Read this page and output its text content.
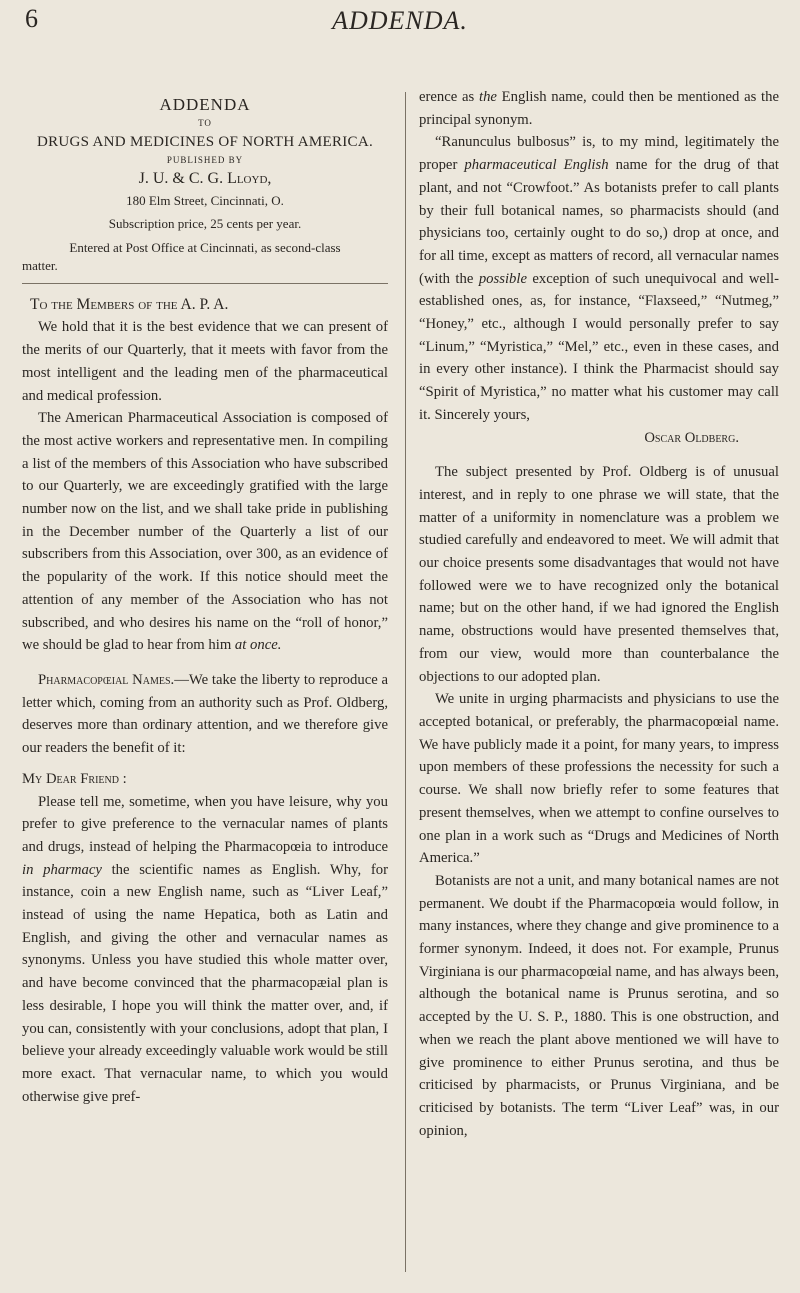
6	ADDENDA.
ADDENDA
TO
DRUGS AND MEDICINES OF NORTH AMERICA.
PUBLISHED BY
J. U. & C. G. Lloyd,
180 Elm Street, Cincinnati, O.
Subscription price, 25 cents per year.
Entered at Post Office at Cincinnati, as second-class
matter.

To the Members of the A. P. A.

We hold that it is the best evidence that we can present of the merits of our Quarterly, that it meets with favor from the most intelligent and the leading men of the pharmaceutical and medical profession.

The American Pharmaceutical Association is composed of the most active workers and representative men. In compiling a list of the members of this Association who have subscribed to our Quarterly, we are exceedingly gratified with the large number now on the list, and we shall take pride in publishing in the December number of the Quarterly a list of our subscribers from this Association, over 300, as an evidence of the popularity of the work. If this notice should meet the attention of any member of the Association who has not subscribed, and who desires his name on the “roll of honor,” we should be glad to hear from him at once.

Pharmacopœial Names.—We take the liberty to reproduce a letter which, coming from an authority such as Prof. Oldberg, deserves more than ordinary attention, and we therefore give our readers the benefit of it:

My Dear Friend :

Please tell me, sometime, when you have leisure, why you prefer to give preference to the vernacular names of plants and drugs, instead of helping the Pharmacopœia to introduce in pharmacy the scientific names as English. Why, for instance, coin a new English name, such as “Liver Leaf,” instead of using the name Hepatica, both as Latin and English, and giving the other and vernacular names as synonyms. Unless you have studied this whole matter over, and have become convinced that the pharmacopæial plan is less desirable, I hope you will think the matter over, and, if you can, consistently with your conclusions, adopt that plan, I believe your already exceedingly valuable work would be still more exact. That vernacular name, to which you would otherwise give pref-

erence as the English name, could then be mentioned as the principal synonym.

“Ranunculus bulbosus” is, to my mind, legitimately the proper pharmaceutical English name for the drug of that plant, and not “Crowfoot.” As botanists prefer to call plants by their full botanical names, so pharmacists should (and physicians too, certainly ought to do so,) drop at once, and for all time, except as matters of record, all vernacular names (with the possible exception of such unequivocal and well-established ones, as, for instance, “Flaxseed,” “Nutmeg,” “Honey,” etc., although I would personally prefer to say “Linum,” “Myristica,” “Mel,” etc., even in these cases, and in every other instance). I think the Pharmacist should say “Spirit of Myristica,” no matter what his customer may call it. Sincerely yours,

Oscar Oldberg.

The subject presented by Prof. Oldberg is of unusual interest, and in reply to one phrase we will state, that the matter of a uniformity in nomenclature was a problem we studied carefully and endeavored to meet. We will admit that our choice presents some disadvantages that would not have followed were we to have recognized only the botanical name; but on the other hand, if we had ignored the English name, obstructions would have presented themselves that, from our view, would more than counterbalance the objections to our adopted plan.

We unite in urging pharmacists and physicians to use the accepted botanical, or preferably, the pharmacopœial name. We have publicly made it a point, for many years, to impress upon members of these professions the necessity for such a course. We shall now briefly refer to some features that present themselves, when we attempt to confine ourselves to one plan in a work such as “Drugs and Medicines of North America.”

Botanists are not a unit, and many botanical names are not permanent. We doubt if the Pharmacopœia would follow, in many instances, where they change and give prominence to a former synonym. Indeed, it does not. For example, Prunus Virginiana is our pharmacopœial name, and has always been, although the botanical name is Prunus serotina, and so accepted by the U. S. P., 1880. This is one obstruction, and when we reach the plant above mentioned we will have to give prominence to either Prunus serotina, and thus be criticised by pharmacists, or Prunus Virginiana, and be criticised by botanists. The term “Liver Leaf” was, in our opinion,
